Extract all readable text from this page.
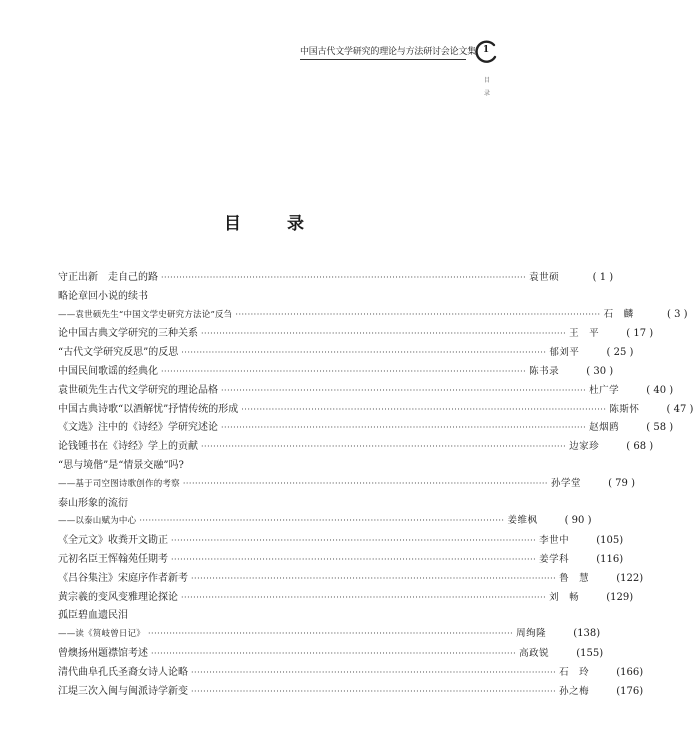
中国古代文学研究的理论与方法研讨会论文集 1
目
录
目 录
守正出新　走自己的路 ························································································································ 袁世硕	( 1 )
略论章回小说的续书
——袁世硕先生“中国文学史研究方法论”反刍 ························································································································ 石　麟	( 3 )
论中国古典文学研究的三种关系 ························································································································ 王　平	( 17 )
“古代文学研究反思”的反思 ························································································································ 郁刘平	( 25 )
中国民间歌谣的经典化 ························································································································ 陈书录	( 30 )
袁世硕先生古代文学研究的理论品格 ························································································································ 杜广学	( 40 )
中国古典诗歌“以酒解忧”抒情传统的形成 ························································································································ 陈斯怀	( 47 )
《文选》注中的《诗经》学研究述论 ························································································································ 赵烟鸥	( 58 )
论钱锺书在《诗经》学上的贡献 ························································································································ 边家珍	( 68 )
“思与境偕”是“情景交融”吗?
——基于司空图诗歌创作的考察 ························································································································ 孙学堂	( 79 )
泰山形象的流衍
——以泰山赋为中心 ························································································································ 姜维枫	( 90 )
《全元文》收粪开文勘正 ························································································································ 李世中	(105)
元初名臣王恽翰苑任期考 ························································································································ 姜学科	(116)
《吕谷集注》宋庭序作者新考 ························································································································ 鲁　慧	(122)
黄宗羲的变风变雅理论探论 ························································································································ 刘　畅	(129)
孤臣碧血遗民泪
——读《筼岐曾日记》 ························································································································ 周绚隆	(138)
曾燠扬州题襟馆考述 ························································································································ 高政锐	(155)
清代曲阜孔氏圣裔女诗人论略 ························································································································ 石　玲	(166)
江堤三次入闽与闽派诗学新变 ························································································································ 孙之梅	(176)
